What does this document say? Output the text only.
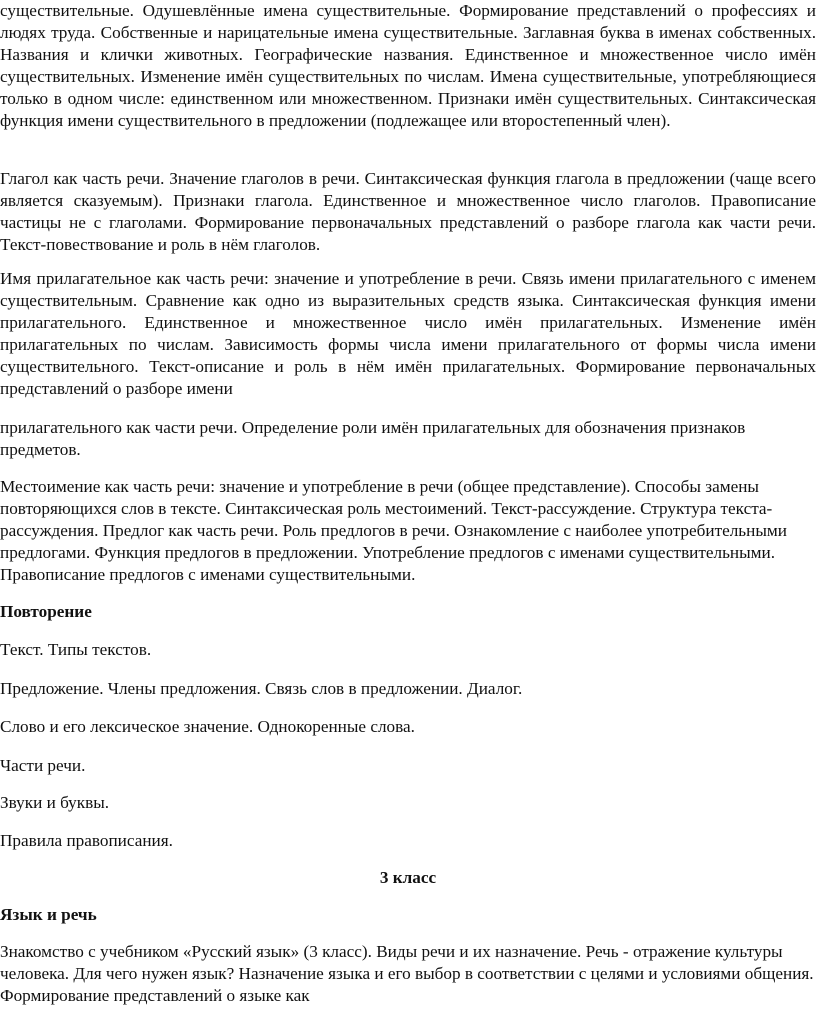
существительные. Одушевлённые имена существительные. Формирование представлений о профессиях и людях труда. Собственные и нарицательные имена существительные. Заглавная буква в именах собственных. Названия и клички животных. Географические названия. Единственное и множественное число имён существительных. Изменение имён существительных по числам. Имена существительные, употребляющиеся только в одном числе: единственном или множественном. Признаки имён существительных. Синтаксическая функция имени существительного в предложении (подлежащее или второстепенный член).

Глагол как часть речи. Значение глаголов в речи. Синтаксическая функция глагола в предложении (чаще всего является сказуемым). Признаки глагола. Единственное и множественное число глаголов. Правописание частицы не с глаголами. Формирование первоначальных представлений о разборе глагола как части речи. Текст-повествование и роль в нём глаголов.

Имя прилагательное как часть речи: значение и употребление в речи. Связь имени прилагательного с именем существительным. Сравнение как одно из выразительных средств языка. Синтаксическая функция имени прилагательного. Единственное и множественное число имён прилагательных. Изменение имён прилагательных по числам. Зависимость формы числа имени прилагательного от формы числа имени существительного. Текст-описание и роль в нём имён прилагательных. Формирование первоначальных представлений о разборе имени

прилагательного как части речи. Определение роли имён прилагательных для обозначения признаков предметов.

Местоимение как часть речи: значение и употребление в речи (общее представление). Способы замены повторяющихся слов в тексте. Синтаксическая роль местоимений. Текст-рассуждение. Структура текста-рассуждения. Предлог как часть речи. Роль предлогов в речи. Ознакомление с наиболее употребительными предлогами. Функция предлогов в предложении. Употребление предлогов с именами существительными. Правописание предлогов с именами существительными.

Повторение

Текст. Типы текстов.

Предложение. Члены предложения. Связь слов в предложении. Диалог.

Слово и его лексическое значение. Однокоренные слова.

Части речи.

Звуки и буквы.

Правила правописания.

3 класс

Язык и речь

Знакомство с учебником «Русский язык» (3 класс). Виды речи и их назначение. Речь - отражение культуры человека. Для чего нужен язык? Назначение языка и его выбор в соответствии с целями и условиями общения. Формирование представлений о языке как
